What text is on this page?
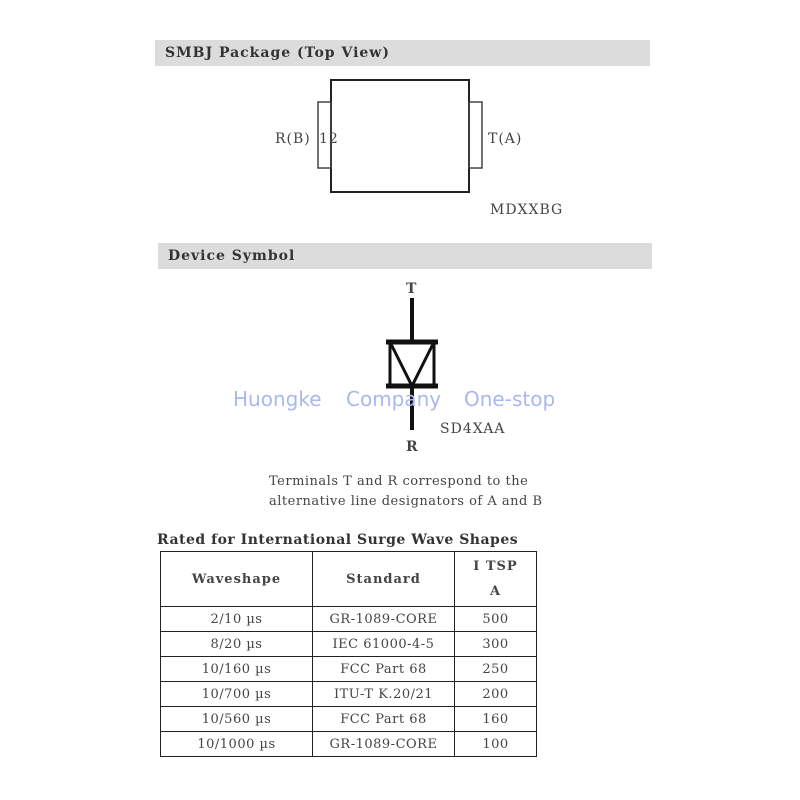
SMBJ Package (Top View)
R(B) 12	T(A)
MDXXBG
Device Symbol
T
R
SD4XAA
Huongke Company One-stop
Terminals T and R correspond to the
alternative line designators of A and B
Rated for International Surge Wave Shapes
Waveshape	Standard	I TSP
A

2/10 µs	GR-1089-CORE	500
8/20 µs	IEC 61000-4-5	300
10/160 µs	FCC Part 68	250
10/700 µs	ITU-T K.20/21	200
10/560 µs	FCC Part 68	160
10/1000 µs	GR-1089-CORE	100
